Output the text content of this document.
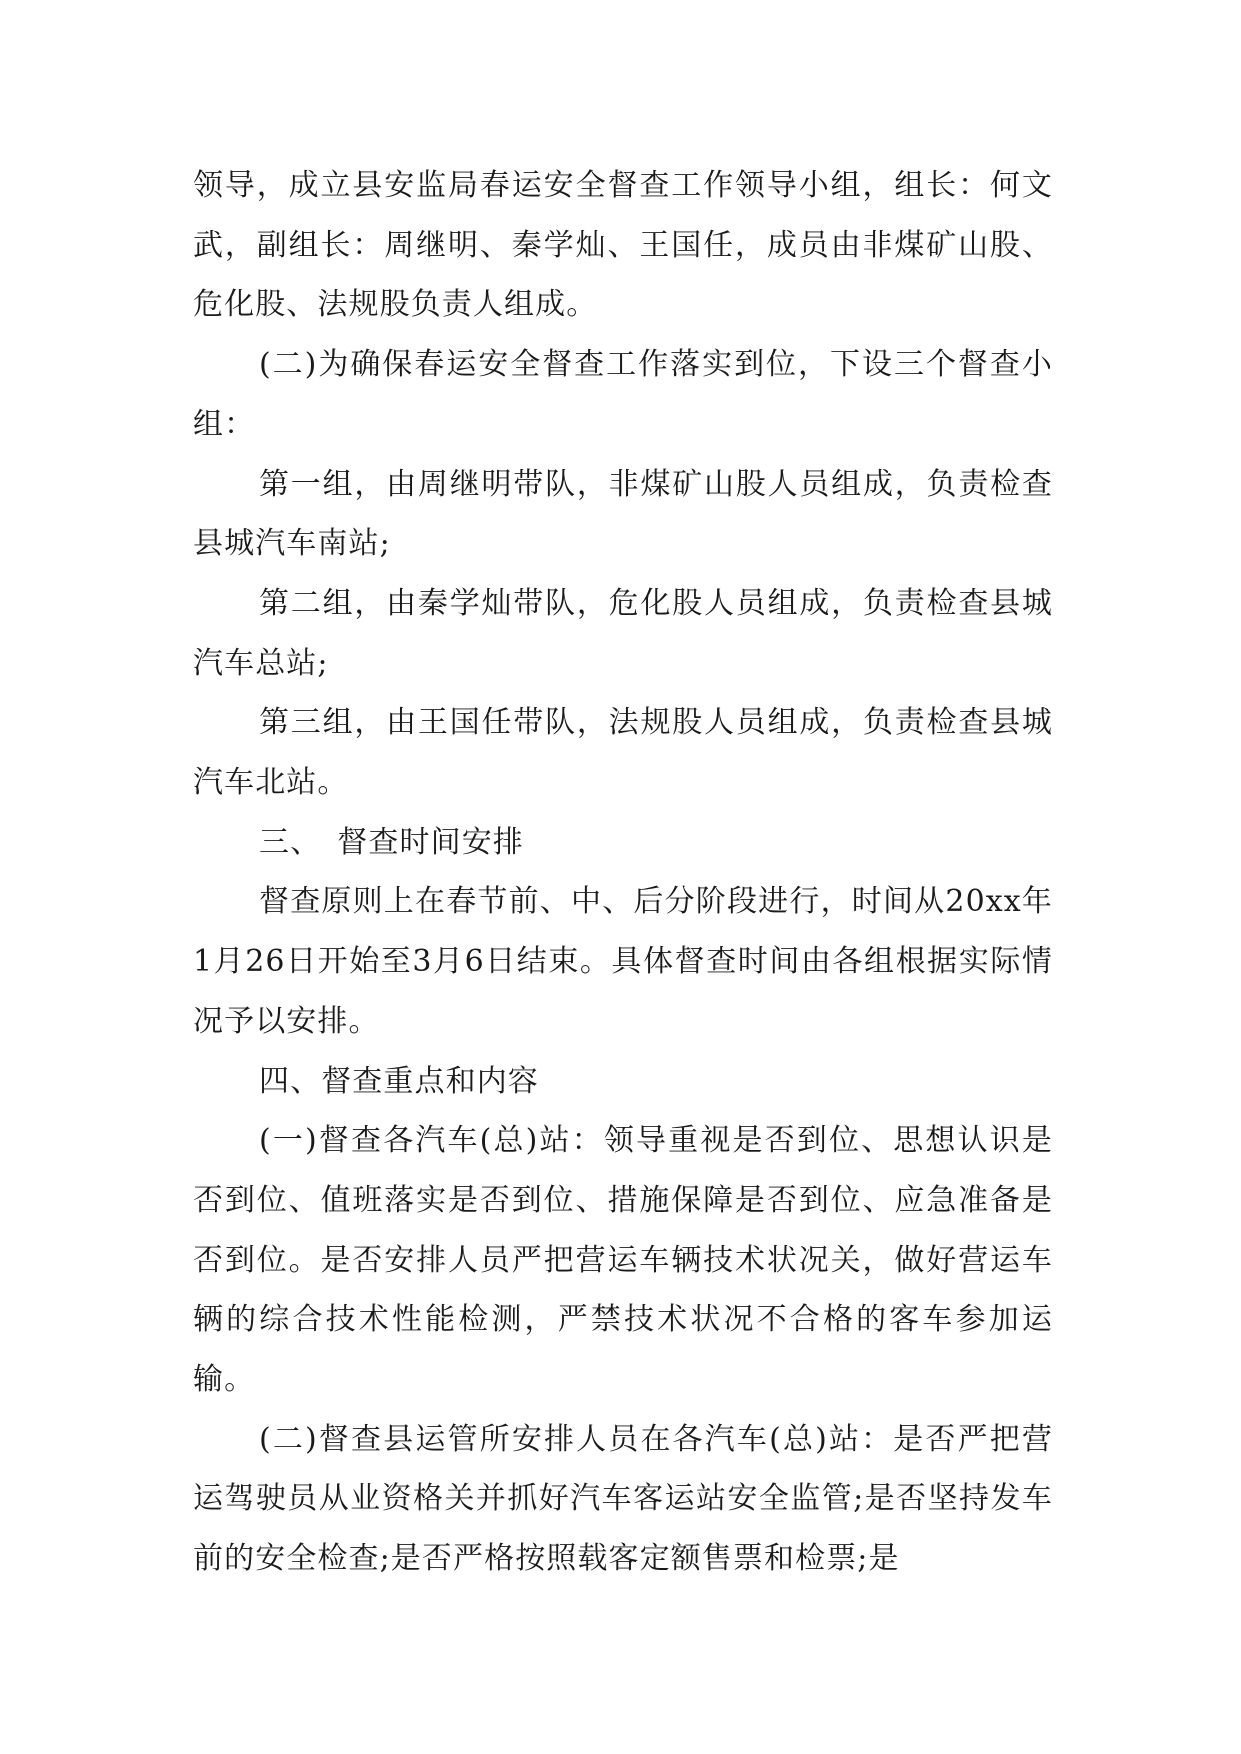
领导，成立县安监局春运安全督查工作领导小组，组长：何文武，副组长：周继明、秦学灿、王国任，成员由非煤矿山股、危化股、法规股负责人组成。

(二)为确保春运安全督查工作落实到位，下设三个督查小组：

第一组，由周继明带队，非煤矿山股人员组成，负责检查县城汽车南站;

第二组，由秦学灿带队，危化股人员组成，负责检查县城汽车总站;

第三组，由王国任带队，法规股人员组成，负责检查县城汽车北站。

三、　督查时间安排

督查原则上在春节前、中、后分阶段进行，时间从20xx年1月26日开始至3月6日结束。具体督查时间由各组根据实际情况予以安排。

四、督查重点和内容

(一)督查各汽车(总)站：领导重视是否到位、思想认识是否到位、值班落实是否到位、措施保障是否到位、应急准备是否到位。是否安排人员严把营运车辆技术状况关，做好营运车辆的综合技术性能检测，严禁技术状况不合格的客车参加运输。

(二)督查县运管所安排人员在各汽车(总)站：是否严把营运驾驶员从业资格关并抓好汽车客运站安全监管;是否坚持发车前的安全检查;是否严格按照载客定额售票和检票;是
